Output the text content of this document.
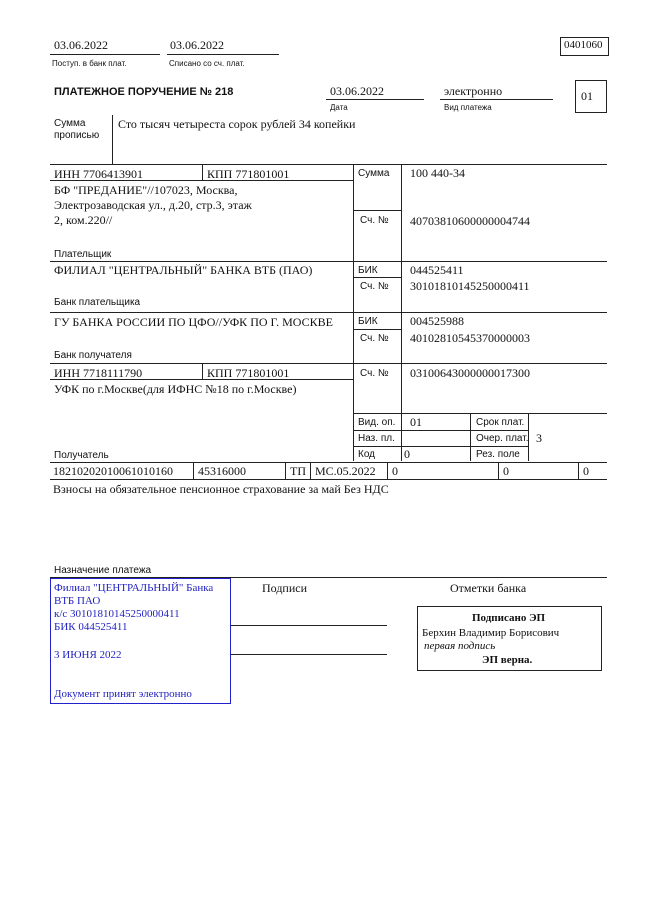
03.06.2022
Поступ. в банк плат.
03.06.2022
Списано со сч. плат.
0401060
ПЛАТЕЖНОЕ ПОРУЧЕНИЕ № 218	03.06.2022
Дата
электронно
Вид платежа
01
Сумма
прописью
Сто тысяч четыреста сорок рублей 34 копейки
ИНН 7706413901	КПП 771801001
БФ "ПРЕДАНИЕ"//107023, Москва,
Электрозаводская ул., д.20, стр.3, этаж
2, ком.220//
Плательщик
Сумма 100 440-34
Сч. № 40703810600000004744
ФИЛИАЛ "ЦЕНТРАЛЬНЫЙ" БАНКА ВТБ (ПАО)
Банк плательщика
БИК	044525411
Сч. № 30101810145250000411
ГУ БАНКА РОССИИ ПО ЦФО//УФК ПО Г. МОСКВЕ
Банк получателя
БИК	004525988
Сч. № 40102810545370000003
ИНН 7718111790	КПП 771801001
УФК по г.Москве(для ИФНС №18 по г.Москве)
Сч. № 03100643000000017300
Получатель
Вид. оп. 01	Срок плат.
Наз. пл.	Очер. плат. 3
Код 0	Рез. поле
18210202010061010160 45316000	ТП МС.05.2022 0	0	0
Взносы на обязательное пенсионное страхование за май Без НДС
Назначение платежа
Подписи	Отметки банка
Филиал "ЦЕНТРАЛЬНЫЙ" Банка
ВТБ ПАО
к/с 30101810145250000411
БИК 044525411
3 ИЮНЯ 2022
Документ принят электронно
Подписано ЭП
Берхин Владимир Борисович
первая подпись
ЭП верна.
